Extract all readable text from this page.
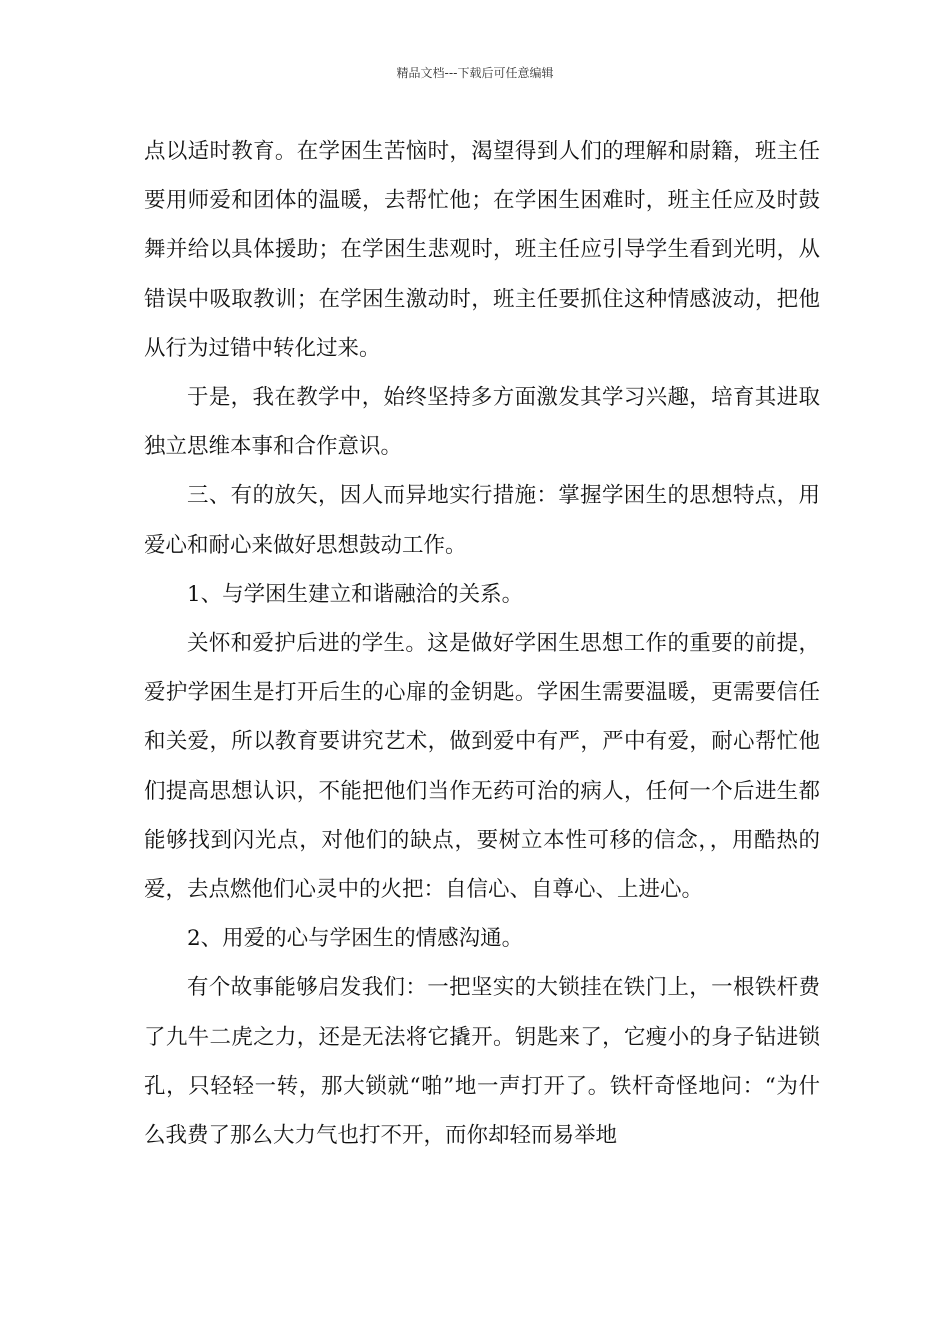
精品文档---下载后可任意编辑

点以适时教育。在学困生苦恼时，渴望得到人们的理解和尉籍，班主任要用师爱和团体的温暖，去帮忙他；在学困生困难时，班主任应及时鼓舞并给以具体援助；在学困生悲观时，班主任应引导学生看到光明，从错误中吸取教训；在学困生激动时，班主任要抓住这种情感波动，把他从行为过错中转化过来。

于是，我在教学中，始终坚持多方面激发其学习兴趣，培育其进取独立思维本事和合作意识。

三、有的放矢，因人而异地实行措施：掌握学困生的思想特点，用爱心和耐心来做好思想鼓动工作。

1、与学困生建立和谐融洽的关系。

关怀和爱护后进的学生。这是做好学困生思想工作的重要的前提，爱护学困生是打开后生的心扉的金钥匙。学困生需要温暖，更需要信任和关爱，所以教育要讲究艺术，做到爱中有严，严中有爱，耐心帮忙他们提高思想认识，不能把他们当作无药可治的病人，任何一个后进生都能够找到闪光点，对他们的缺点，要树立本性可移的信念，，用酷热的爱，去点燃他们心灵中的火把：自信心、自尊心、上进心。

2、用爱的心与学困生的情感沟通。

有个故事能够启发我们：一把坚实的大锁挂在铁门上，一根铁杆费了九牛二虎之力，还是无法将它撬开。钥匙来了，它瘦小的身子钻进锁孔，只轻轻一转，那大锁就“啪”地一声打开了。铁杆奇怪地问：“为什么我费了那么大力气也打不开，而你却轻而易举地
